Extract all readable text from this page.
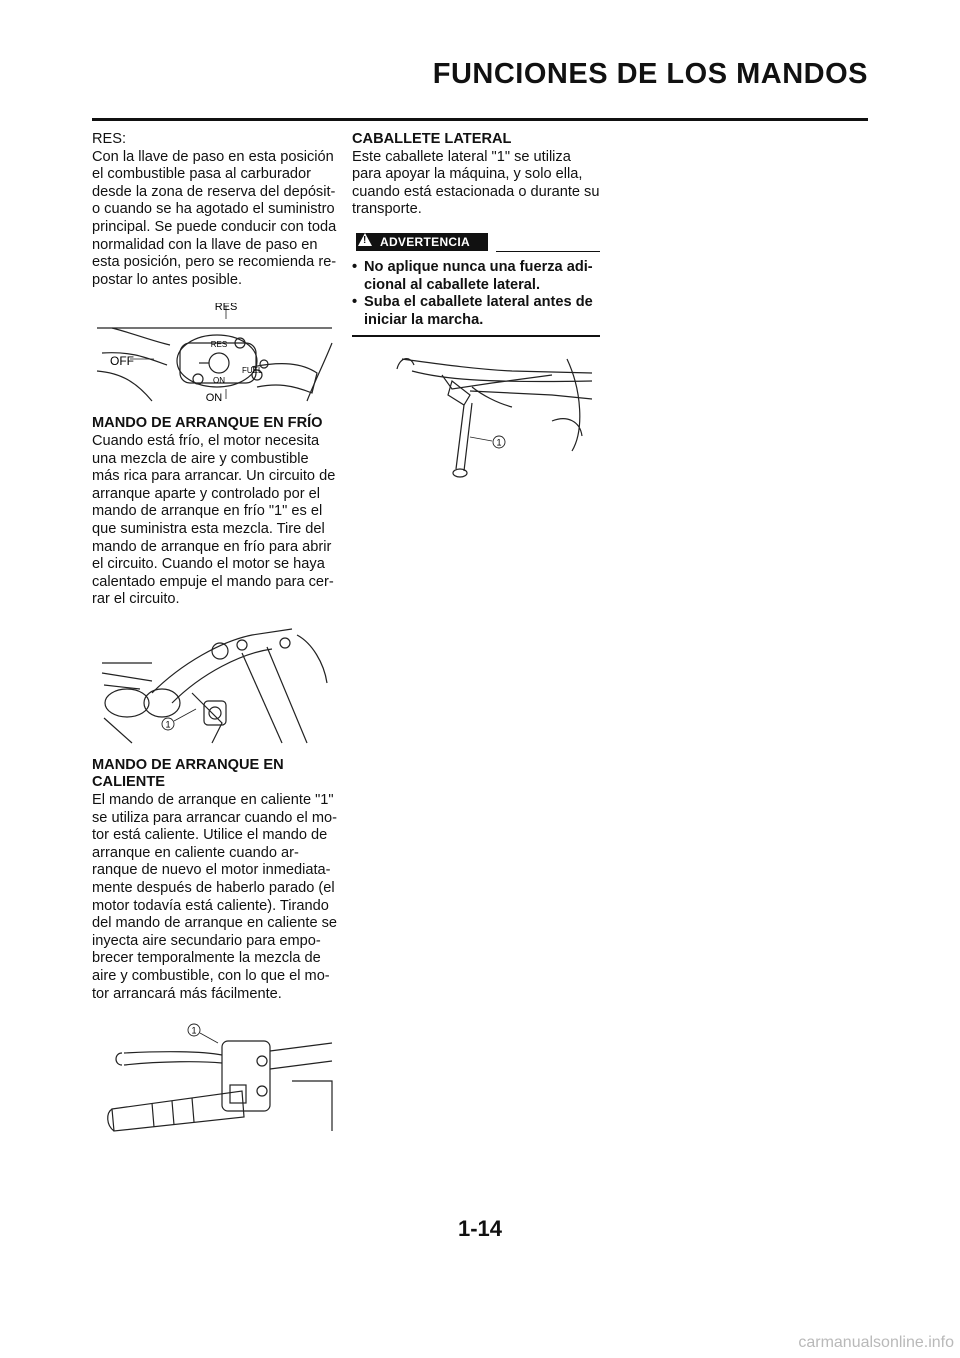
FUNCIONES DE LOS MANDOS

RES:

Con la llave de paso en esta posición el combustible pasa al carburador desde la zona de reserva del depósit- o cuando se ha agotado el suministro principal. Se puede conducir con toda normalidad con la llave de paso en esta posición, pero se recomienda re- postar lo antes posible.

RES
RES
OFF
ON
FUEL
ON

MANDO DE ARRANQUE EN FRÍO

Cuando está frío, el motor necesita una mezcla de aire y combustible más rica para arrancar. Un circuito de arranque aparte y controlado por el mando de arranque en frío "1" es el que suministra esta mezcla. Tire del mando de arranque en frío para abrir el circuito. Cuando el motor se haya calentado empuje el mando para cer- rar el circuito.

1

MANDO DE ARRANQUE EN CALIENTE

El mando de arranque en caliente "1" se utiliza para arrancar cuando el mo- tor está caliente. Utilice el mando de arranque en caliente cuando ar- ranque de nuevo el motor inmediata- mente después de haberlo parado (el motor todavía está caliente). Tirando del mando de arranque en caliente se inyecta aire secundario para empo- brecer temporalmente la mezcla de aire y combustible, con lo que el mo- tor arrancará más fácilmente.

1

CABALLETE LATERAL

Este caballete lateral "1" se utiliza para apoyar la máquina, y solo ella, cuando está estacionada o durante su transporte.

ADVERTENCIA
!
• No aplique nunca una fuerza adi- cional al caballete lateral.
• Suba el caballete lateral antes de iniciar la marcha.
1
1-14
carmanualsonline.info
